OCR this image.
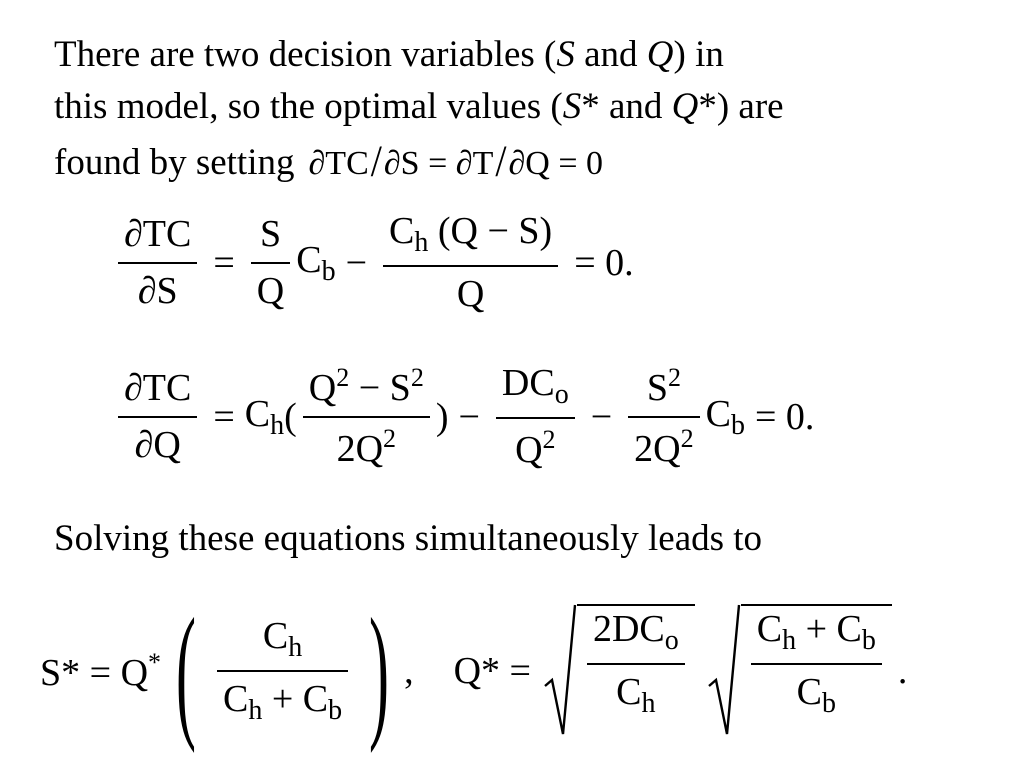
There are two decision variables (S and Q) in
this model, so the optimal values (S* and Q*) are
found by setting ∂TC/∂S = ∂T/∂Q = 0
$\frac{\partial TC}{\partial S} = \frac{S}{Q} C_b - \frac{C_h (Q - S)}{Q} = 0$.
$\frac{\partial TC}{\partial Q} = C_h$ ( $\frac{Q^2 - S^2}{2Q^2}$ ) − $\frac{DC_o}{Q^2} - \frac{S^2}{2Q^2} C_b = 0$.
Solving these equations simultaneously leads to
S* = Q* ( $\frac{C_h}{C_h + C_b}$ ) , $Q* = \frac{2DC_o}{C_h} \frac{C_h + C_b}{C_b}$ .
